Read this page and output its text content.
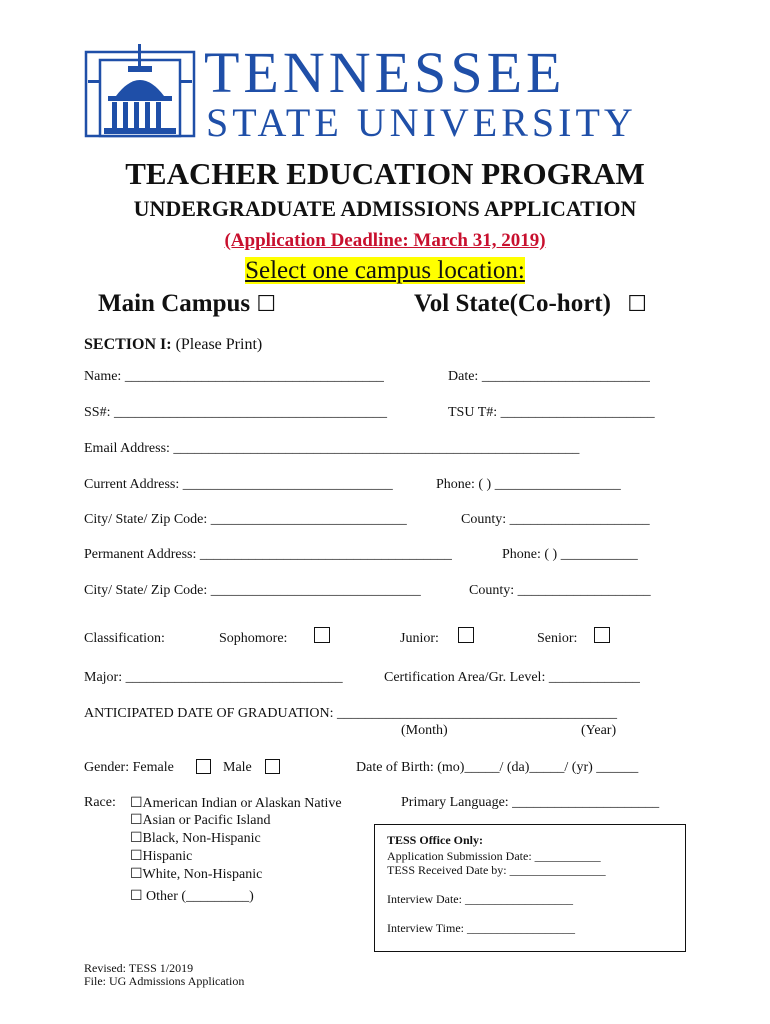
TENNESSEE
STATE UNIVERSITY
TEACHER EDUCATION PROGRAM
UNDERGRADUATE ADMISSIONS APPLICATION
(Application Deadline: March 31, 2019)
Select one campus location:
Main Campus ☐	Vol State(Co-hort) ☐
SECTION I: (Please Print)
Name: _____________________________________	Date: ________________________
SS#: _______________________________________	TSU T#: ______________________
Email Address: __________________________________________________________
Current Address: ______________________________	Phone: ( ) __________________
City/ State/ Zip Code: ____________________________	County: ____________________
Permanent Address: ____________________________________	Phone: ( ) ___________
City/ State/ Zip Code: ______________________________	County: ___________________
Classification:	Sophomore:	Junior:	Senior:
Major: _______________________________	Certification Area/Gr. Level: _____________
ANTICIPATED DATE OF GRADUATION: ________________________________________
(Month)	(Year)
Gender: Female	Male	Date of Birth: (mo)_____/ (da)_____/ (yr) ______
Race: ☐American Indian or Alaskan Native
☐Asian or Pacific Island
☐Black, Non-Hispanic
☐Hispanic
☐White, Non-Hispanic
☐ Other (_________)
Primary Language: _____________________
TESS Office Only:
Application Submission Date: ___________
TESS Received Date by: ________________
Interview Date: __________________
Interview Time: __________________
Revised: TESS 1/2019
File: UG Admissions Application
